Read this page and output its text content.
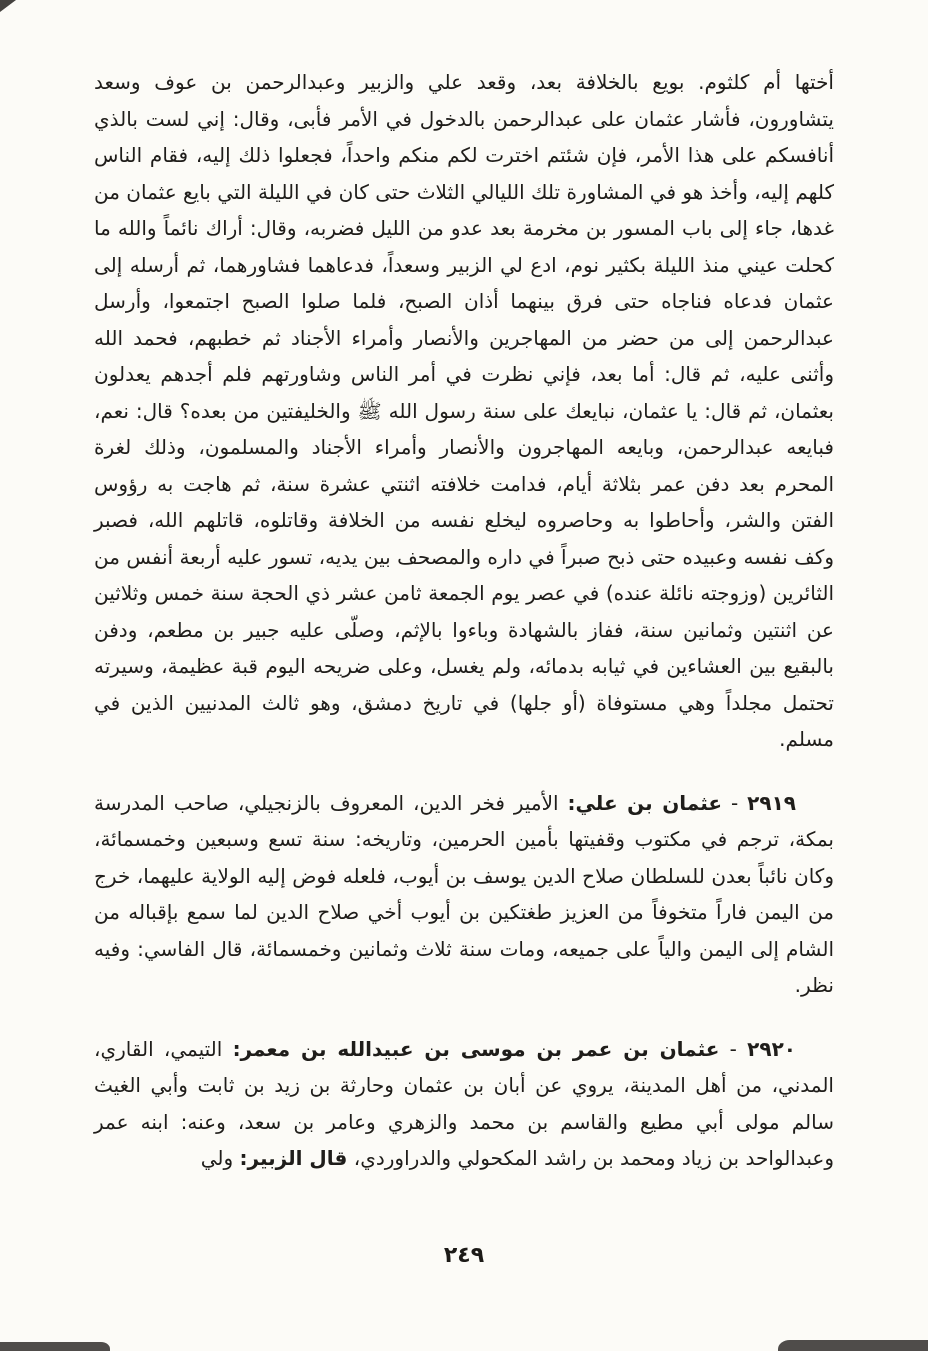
أختها أم كلثوم. بويع بالخلافة بعد، وقعد علي والزبير وعبدالرحمن بن عوف وسعد يتشاورون، فأشار عثمان على عبدالرحمن بالدخول في الأمر فأبى، وقال: إني لست بالذي أنافسكم على هذا الأمر، فإن شئتم اخترت لكم منكم واحداً، فجعلوا ذلك إليه، فقام الناس كلهم إليه، وأخذ هو في المشاورة تلك الليالي الثلاث حتى كان في الليلة التي بايع عثمان من غدها، جاء إلى باب المسور بن مخرمة بعد عدو من الليل فضربه، وقال: أراك نائماً والله ما كحلت عيني منذ الليلة بكثير نوم، ادع لي الزبير وسعداً، فدعاهما فشاورهما، ثم أرسله إلى عثمان فدعاه فناجاه حتى فرق بينهما أذان الصبح، فلما صلوا الصبح اجتمعوا، وأرسل عبدالرحمن إلى من حضر من المهاجرين والأنصار وأمراء الأجناد ثم خطبهم، فحمد الله وأثنى عليه، ثم قال: أما بعد، فإني نظرت في أمر الناس وشاورتهم فلم أجدهم يعدلون بعثمان، ثم قال: يا عثمان، نبايعك على سنة رسول الله ﷺ والخليفتين من بعده؟ قال: نعم، فبايعه عبدالرحمن، وبايعه المهاجرون والأنصار وأمراء الأجناد والمسلمون، وذلك لغرة المحرم بعد دفن عمر بثلاثة أيام، فدامت خلافته اثنتي عشرة سنة، ثم هاجت به رؤوس الفتن والشر، وأحاطوا به وحاصروه ليخلع نفسه من الخلافة وقاتلوه، قاتلهم الله، فصبر وكف نفسه وعبيده حتى ذبح صبراً في داره والمصحف بين يديه، تسور عليه أربعة أنفس من الثائرين (وزوجته نائلة عنده) في عصر يوم الجمعة ثامن عشر ذي الحجة سنة خمس وثلاثين عن اثنتين وثمانين سنة، ففاز بالشهادة وباءوا بالإثم، وصلّى عليه جبير بن مطعم، ودفن بالبقيع بين العشاءين في ثيابه بدمائه، ولم يغسل، وعلى ضريحه اليوم قبة عظيمة، وسيرته تحتمل مجلداً وهي مستوفاة (أو جلها) في تاريخ دمشق، وهو ثالث المدنيين الذين في مسلم.

٢٩١٩ - عثمان بن علي: الأمير فخر الدين، المعروف بالزنجيلي، صاحب المدرسة بمكة، ترجم في مكتوب وقفيتها بأمين الحرمين، وتاريخه: سنة تسع وسبعين وخمسمائة، وكان نائباً بعدن للسلطان صلاح الدين يوسف بن أيوب، فلعله فوض إليه الولاية عليهما، خرج من اليمن فاراً متخوفاً من العزيز طغتكين بن أيوب أخي صلاح الدين لما سمع بإقباله من الشام إلى اليمن والياً على جميعه، ومات سنة ثلاث وثمانين وخمسمائة، قال الفاسي: وفيه نظر.

٢٩٢٠ - عثمان بن عمر بن موسى بن عبيدالله بن معمر: التيمي، القاري، المدني، من أهل المدينة، يروي عن أبان بن عثمان وحارثة بن زيد بن ثابت وأبي الغيث سالم مولى أبي مطيع والقاسم بن محمد والزهري وعامر بن سعد، وعنه: ابنه عمر وعبدالواحد بن زياد ومحمد بن راشد المكحولي والدراوردي، قال الزبير: ولي

٢٤٩
